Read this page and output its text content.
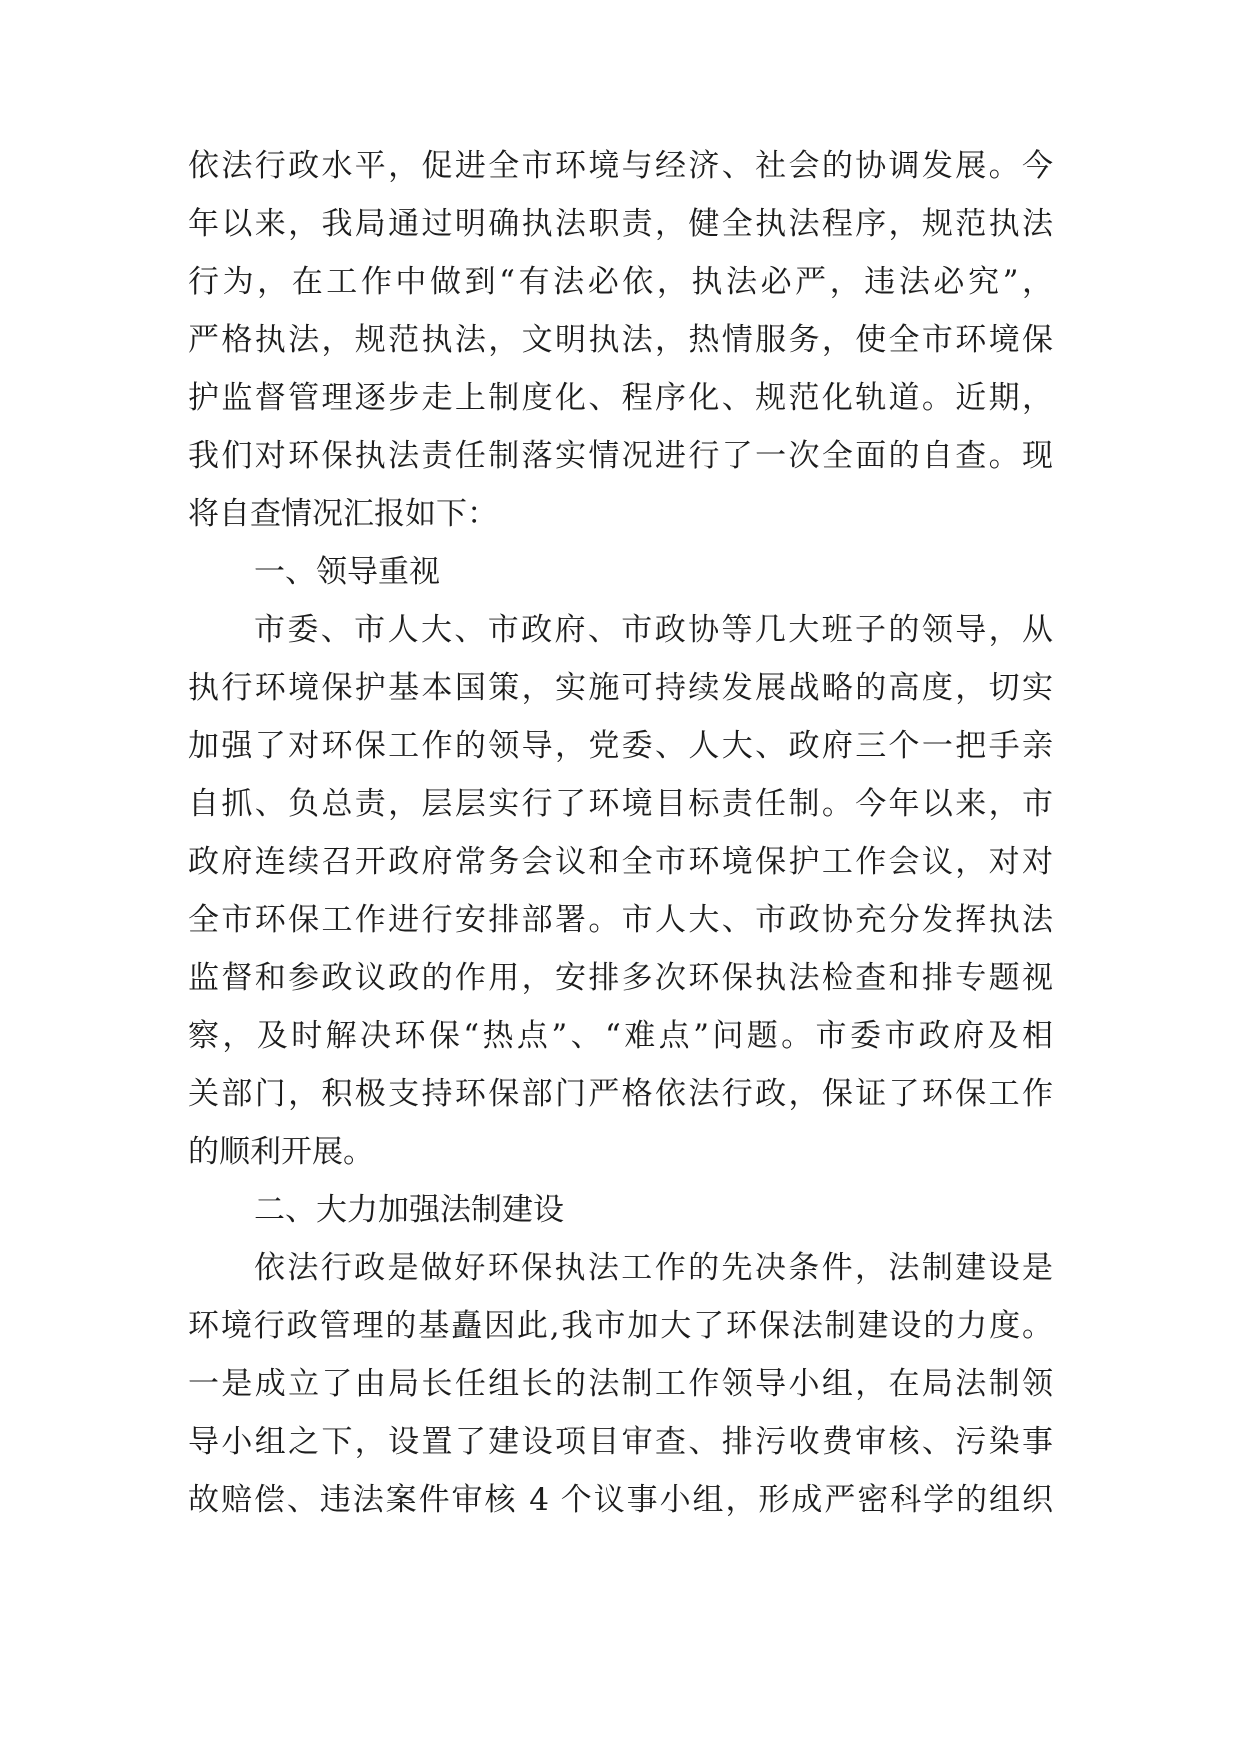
依法行政水平，促进全市环境与经济、社会的协调发展。今
年以来，我局通过明确执法职责，健全执法程序，规范执法
行为，在工作中做到“有法必依，执法必严，违法必究”，
严格执法，规范执法，文明执法，热情服务，使全市环境保
护监督管理逐步走上制度化、程序化、规范化轨道。近期，
我们对环保执法责任制落实情况进行了一次全面的自查。现
将自查情况汇报如下：
一、领导重视
市委、市人大、市政府、市政协等几大班子的领导，从
执行环境保护基本国策，实施可持续发展战略的高度，切实
加强了对环保工作的领导，党委、人大、政府三个一把手亲
自抓、负总责，层层实行了环境目标责任制。今年以来，市
政府连续召开政府常务会议和全市环境保护工作会议，对对
全市环保工作进行安排部署。市人大、市政协充分发挥执法
监督和参政议政的作用，安排多次环保执法检查和排专题视
察，及时解决环保“热点”、“难点”问题。市委市政府及相
关部门，积极支持环保部门严格依法行政，保证了环保工作
的顺利开展。
二、大力加强法制建设
依法行政是做好环保执法工作的先决条件，法制建设是
环境行政管理的基矗因此,我市加大了环保法制建设的力度。
一是成立了由局长任组长的法制工作领导小组，在局法制领
导小组之下，设置了建设项目审查、排污收费审核、污染事
故赔偿、违法案件审核 4 个议事小组，形成严密科学的组织
